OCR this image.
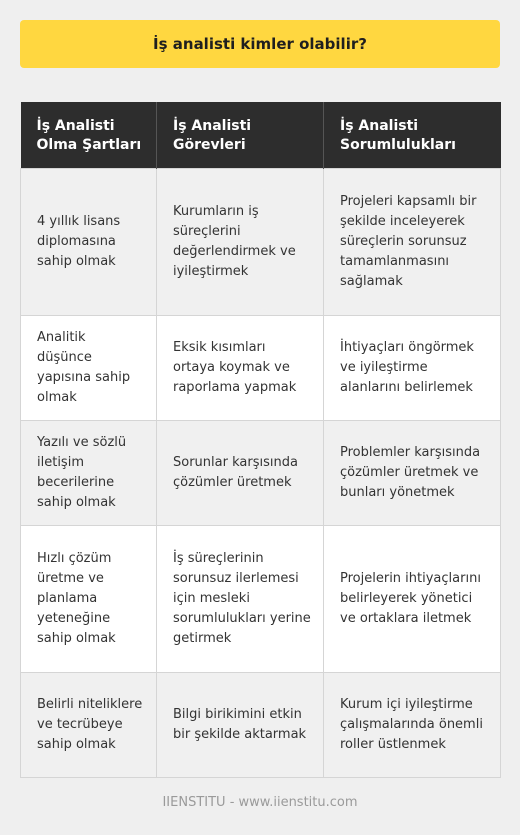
İş analisti kimler olabilir?
İş Analisti Olma Şartları	İş Analisti Görevleri	İş Analisti Sorumlulukları
4 yıllık lisans diplomasına sahip olmak	Kurumların iş süreçlerini değerlendirmek ve iyileştirmek	Projeleri kapsamlı bir şekilde inceleyerek süreçlerin sorunsuz tamamlanmasını sağlamak
Analitik düşünce yapısına sahip olmak	Eksik kısımları ortaya koymak ve raporlama yapmak	İhtiyaçları öngörmek ve iyileştirme alanlarını belirlemek
Yazılı ve sözlü iletişim becerilerine sahip olmak	Sorunlar karşısında çözümler üretmek	Problemler karşısında çözümler üretmek ve bunları yönetmek
Hızlı çözüm üretme ve planlama yeteneğine sahip olmak	İş süreçlerinin sorunsuz ilerlemesi için mesleki sorumlulukları yerine getirmek	Projelerin ihtiyaçlarını belirleyerek yönetici ve ortaklara iletmek
Belirli niteliklere ve tecrübeye sahip olmak	Bilgi birikimini etkin bir şekilde aktarmak	Kurum içi iyileştirme çalışmalarında önemli roller üstlenmek
IIENSTITU - www.iienstitu.com
